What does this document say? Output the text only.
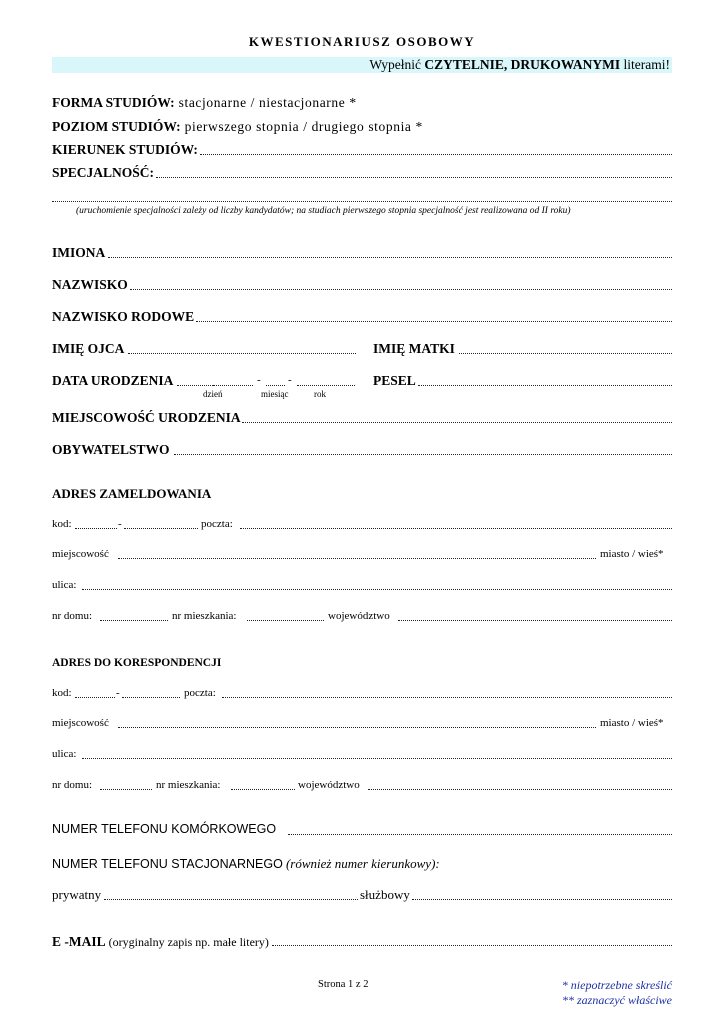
KWESTIONARIUSZ OSOBOWY
Wypełnić CZYTELNIE, DRUKOWANYMI literami!
FORMA STUDIÓW: stacjonarne / niestacjonarne *
POZIOM STUDIÓW: pierwszego stopnia / drugiego stopnia *
KIERUNEK STUDIÓW:
SPECJALNOŚĆ:
(uruchomienie specjalności zależy od liczby kandydatów; na studiach pierwszego stopnia specjalność jest realizowana od II roku)
IMIONA
NAZWISKO
NAZWISKO RODOWE
IMIĘ OJCA	IMIĘ MATKI
DATA URODZENIA	- -
dzień	miesiąc	rok
PESEL
MIEJSCOWOŚĆ URODZENIA
OBYWATELSTWO
ADRES ZAMELDOWANIA
kod:	-	poczta:
miejscowość	miasto / wieś*
ulica:
nr domu:	nr mieszkania:	województwo
ADRES DO KORESPONDENCJI
kod:	-	poczta:
miejscowość	miasto / wieś*
ulica:
nr domu:	nr mieszkania:	województwo
NUMER TELEFONU KOMÓRKOWEGO
NUMER TELEFONU STACJONARNEGO (również numer kierunkowy):
prywatny	służbowy
E -MAIL (oryginalny zapis np. małe litery)
Strona 1 z 2	* niepotrzebne skreślić
** zaznaczyć właściwe
